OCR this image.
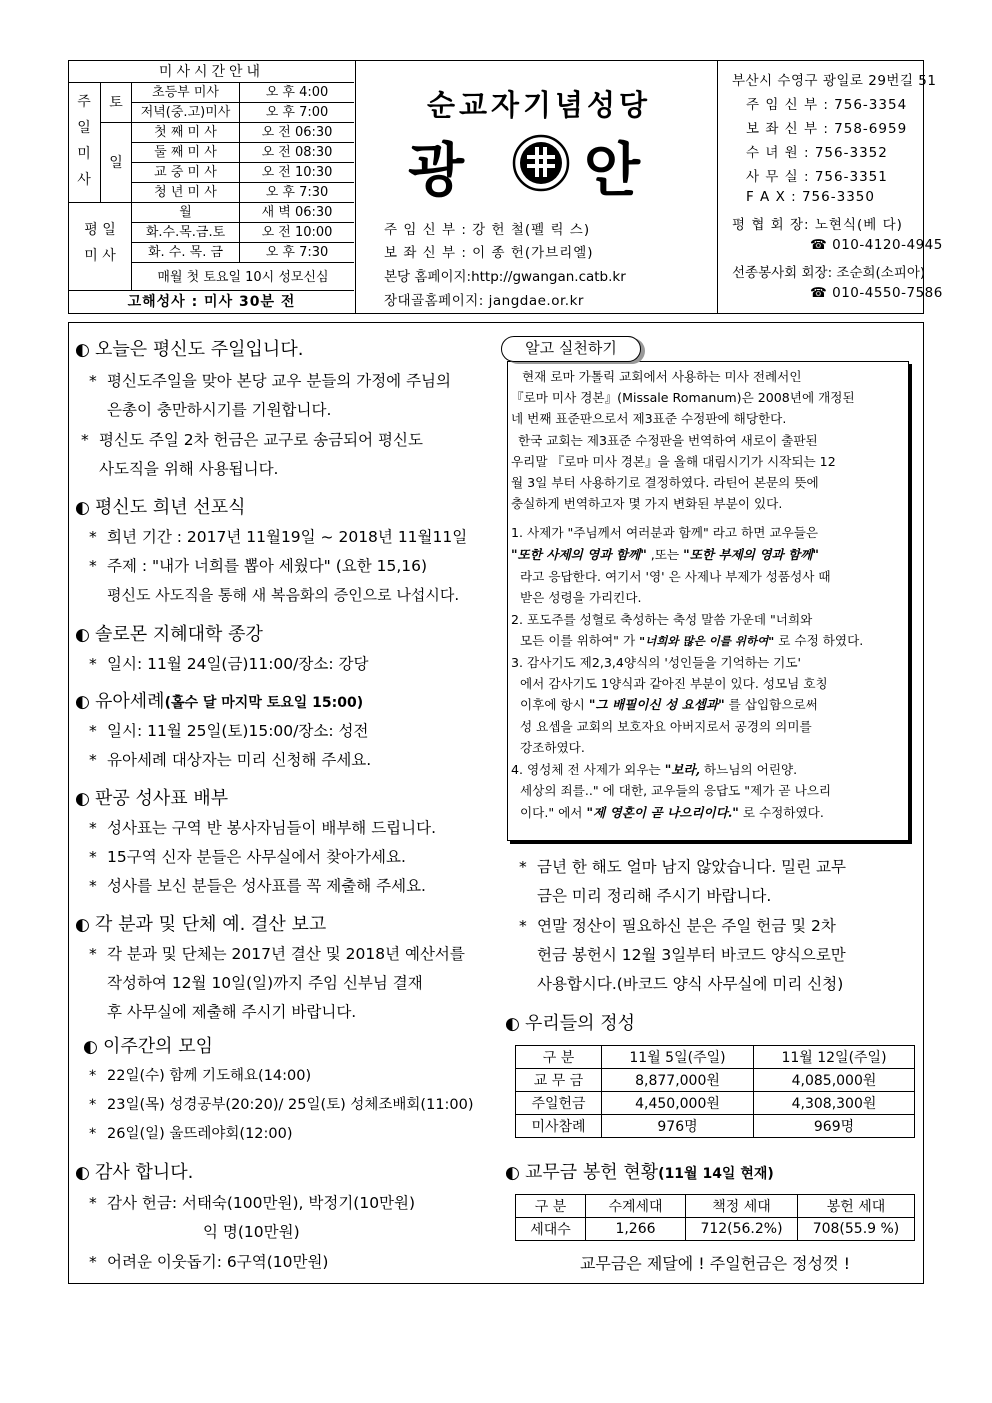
미사시간안내
주
일
미
사
토
일
평 일
미 사
초등부 미사	오 후 4:00
저녁(중.고)미사	오 후 7:00
첫 째 미 사	오 전 06:30
둘 째 미 사	오 전 08:30
교 중 미 사	오 전 10:30
청 년 미 사	오 후 7:30
월	새 벽 06:30
화.수.목.금.토	오 전 10:00
화. 수. 목. 금	오 후 7:30
매월 첫 토요일 10시 성모신심
고해성사 : 미사 30분 전
순교자기념성당
광 안
주 임 신 부 : 강 헌 철(펠 릭 스)
보 좌 신 부 : 이 종 헌(가브리엘)
본당 홈페이지:http://gwangan.catb.kr
장대골홈페이지: jangdae.or.kr
부산시 수영구 광일로 29번길 51
주 임 신 부 : 756-3354
보 좌 신 부 : 758-6959
수 녀 원 : 756-3352
사 무 실 : 756-3351
F A X : 756-3350
평 협 회 장: 노현식(베 다)
☎ 010-4120-4945
선종봉사회 회장: 조순희(소피아)
☎ 010-4550-7586
◐ 오늘은 평신도 주일입니다.
* 평신도주일을 맞아 본당 교우 분들의 가정에 주님의
은총이 충만하시기를 기원합니다.
* 평신도 주일 2차 헌금은 교구로 송금되어 평신도
사도직을 위해 사용됩니다.
◐ 평신도 희년 선포식
* 희년 기간 : 2017년 11월19일 ~ 2018년 11월11일
* 주제 : "내가 너희를 뽑아 세웠다" (요한 15,16)
평신도 사도직을 통해 새 복음화의 증인으로 나섭시다.
◐ 솔로몬 지혜대학 종강
* 일시: 11월 24일(금)11:00/장소: 강당
◐ 유아세례(홀수 달 마지막 토요일 15:00)
* 일시: 11월 25일(토)15:00/장소: 성전
* 유아세례 대상자는 미리 신청해 주세요.
◐ 판공 성사표 배부
* 성사표는 구역 반 봉사자님들이 배부해 드립니다.
* 15구역 신자 분들은 사무실에서 찾아가세요.
* 성사를 보신 분들은 성사표를 꼭 제출해 주세요.
◐ 각 분과 및 단체 예. 결산 보고
* 각 분과 및 단체는 2017년 결산 및 2018년 예산서를
작성하여 12월 10일(일)까지 주임 신부님 결재
후 사무실에 제출해 주시기 바랍니다.
◐ 이주간의 모임
* 22일(수) 함께 기도해요(14:00)
* 23일(목) 성경공부(20:20)/ 25일(토) 성체조배회(11:00)
* 26일(일) 울뜨레야회(12:00)
◐ 감사 합니다.
* 감사 헌금: 서태숙(100만원), 박정기(10만원)
익 명(10만원)
* 어려운 이웃돕기: 6구역(10만원)
알고 실천하기
현재 로마 가톨릭 교회에서 사용하는 미사 전례서인
『로마 미사 경본』(Missale Romanum)은 2008년에 개정된
네 번째 표준판으로서 제3표준 수정판에 해당한다.
한국 교회는 제3표준 수정판을 번역하여 새로이 출판된
우리말 『로마 미사 경본』을 올해 대림시기가 시작되는 12
월 3일 부터 사용하기로 결정하였다. 라틴어 본문의 뜻에
충실하게 번역하고자 몇 가지 변화된 부분이 있다.
1. 사제가 "주님께서 여러분과 함께" 라고 하면 교우들은
"또한 사제의 영과 함께" ,또는 "또한 부제의 영과 함께"
라고 응답한다. 여기서 '영' 은 사제나 부제가 성품성사 때
받은 성령을 가리킨다.
2. 포도주를 성혈로 축성하는 축성 말씀 가운데 "너희와
모든 이를 위하여" 가 "너희와 많은 이를 위하여" 로 수정 하였다.
3. 감사기도 제2,3,4양식의 '성인들을 기억하는 기도'
에서 감사기도 1양식과 같아진 부분이 있다. 성모님 호칭
이후에 항시 "그 배필이신 성 요셉과" 를 삽입함으로써
성 요셉을 교회의 보호자요 아버지로서 공경의 의미를
강조하였다.
4. 영성체 전 사제가 외우는 "보라, 하느님의 어린양.
세상의 죄를.." 에 대한, 교우들의 응답도 "제가 곧 나으리
이다." 에서 "제 영혼이 곧 나으리이다." 로 수정하였다.
* 금년 한 해도 얼마 남지 않았습니다. 밀린 교무
금은 미리 정리해 주시기 바랍니다.
* 연말 정산이 필요하신 분은 주일 헌금 및 2차
헌금 봉헌시 12월 3일부터 바코드 양식으로만
사용합시다.(바코드 양식 사무실에 미리 신청)
◐ 우리들의 정성
구 분	11월 5일(주일)	11월 12일(주일)
교 무 금	8,877,000원	4,085,000원
주일헌금	4,450,000원	4,308,300원
미사참례	976명	969명
◐ 교무금 봉헌 현황(11월 14일 현재)
구 분	수계세대	책정 세대	봉헌 세대
세대수	1,266	712(56.2%)	708(55.9 %)
교무금은 제달에 ! 주일헌금은 정성껏 !
